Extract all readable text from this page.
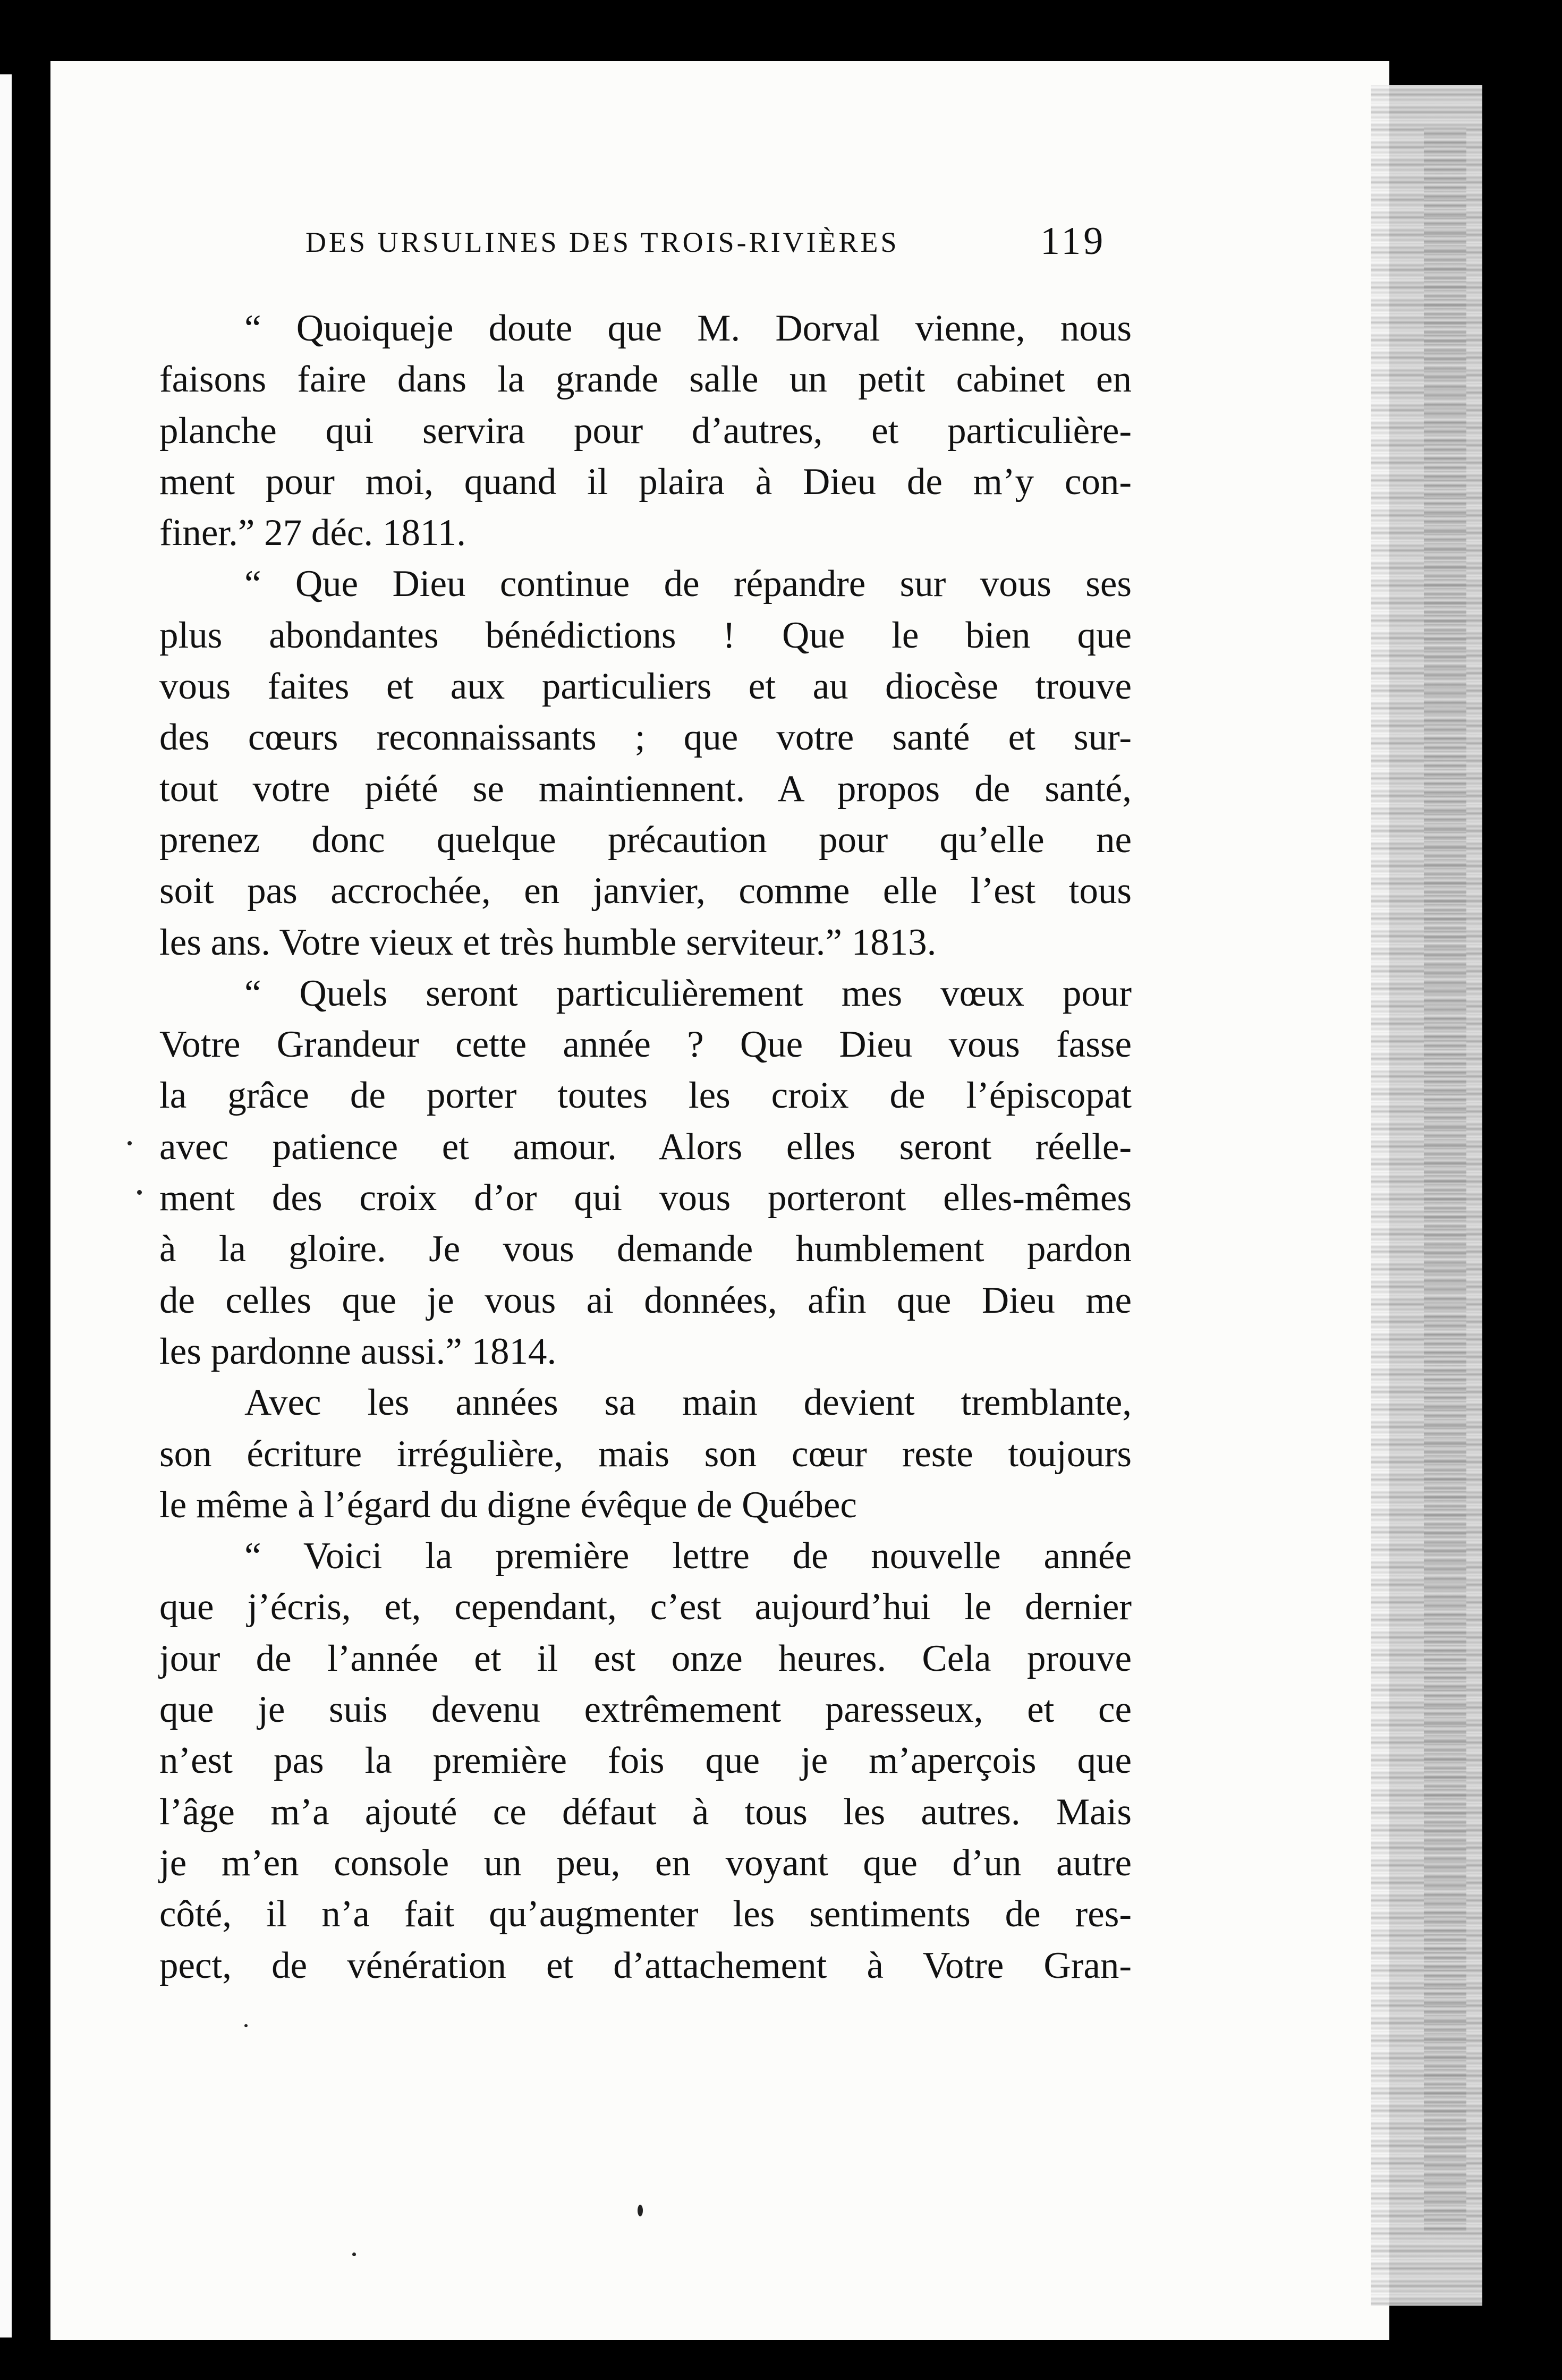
DES URSULINES DES TROIS-RIVIÈRES	119

“ Quoiqueje doute que M. Dorval vienne, nous
faisons faire dans la grande salle un petit cabinet en
planche qui servira pour d’autres, et particulière-
ment pour moi, quand il plaira à Dieu de m’y con-
finer.” 27 déc. 1811.

“ Que Dieu continue de répandre sur vous ses
plus abondantes bénédictions ! Que le bien que
vous faites et aux particuliers et au diocèse trouve
des cœurs reconnaissants ; que votre santé et sur-
tout votre piété se maintiennent. A propos de santé,
prenez donc quelque précaution pour qu’elle ne
soit pas accrochée, en janvier, comme elle l’est tous
les ans. Votre vieux et très humble serviteur.” 1813.

“ Quels seront particulièrement mes vœux pour
Votre Grandeur cette année ? Que Dieu vous fasse
la grâce de porter toutes les croix de l’épiscopat
avec patience et amour. Alors elles seront réelle-
ment des croix d’or qui vous porteront elles-mêmes
à la gloire. Je vous demande humblement pardon
de celles que je vous ai données, afin que Dieu me
les pardonne aussi.” 1814.

Avec les années sa main devient tremblante,
son écriture irrégulière, mais son cœur reste toujours
le même à l’égard du digne évêque de Québec

“ Voici la première lettre de nouvelle année
que j’écris, et, cependant, c’est aujourd’hui le dernier
jour de l’année et il est onze heures. Cela prouve
que je suis devenu extrêmement paresseux, et ce
n’est pas la première fois que je m’aperçois que
l’âge m’a ajouté ce défaut à tous les autres. Mais
je m’en console un peu, en voyant que d’un autre
côté, il n’a fait qu’augmenter les sentiments de res-
pect, de vénération et d’attachement à Votre Gran-
